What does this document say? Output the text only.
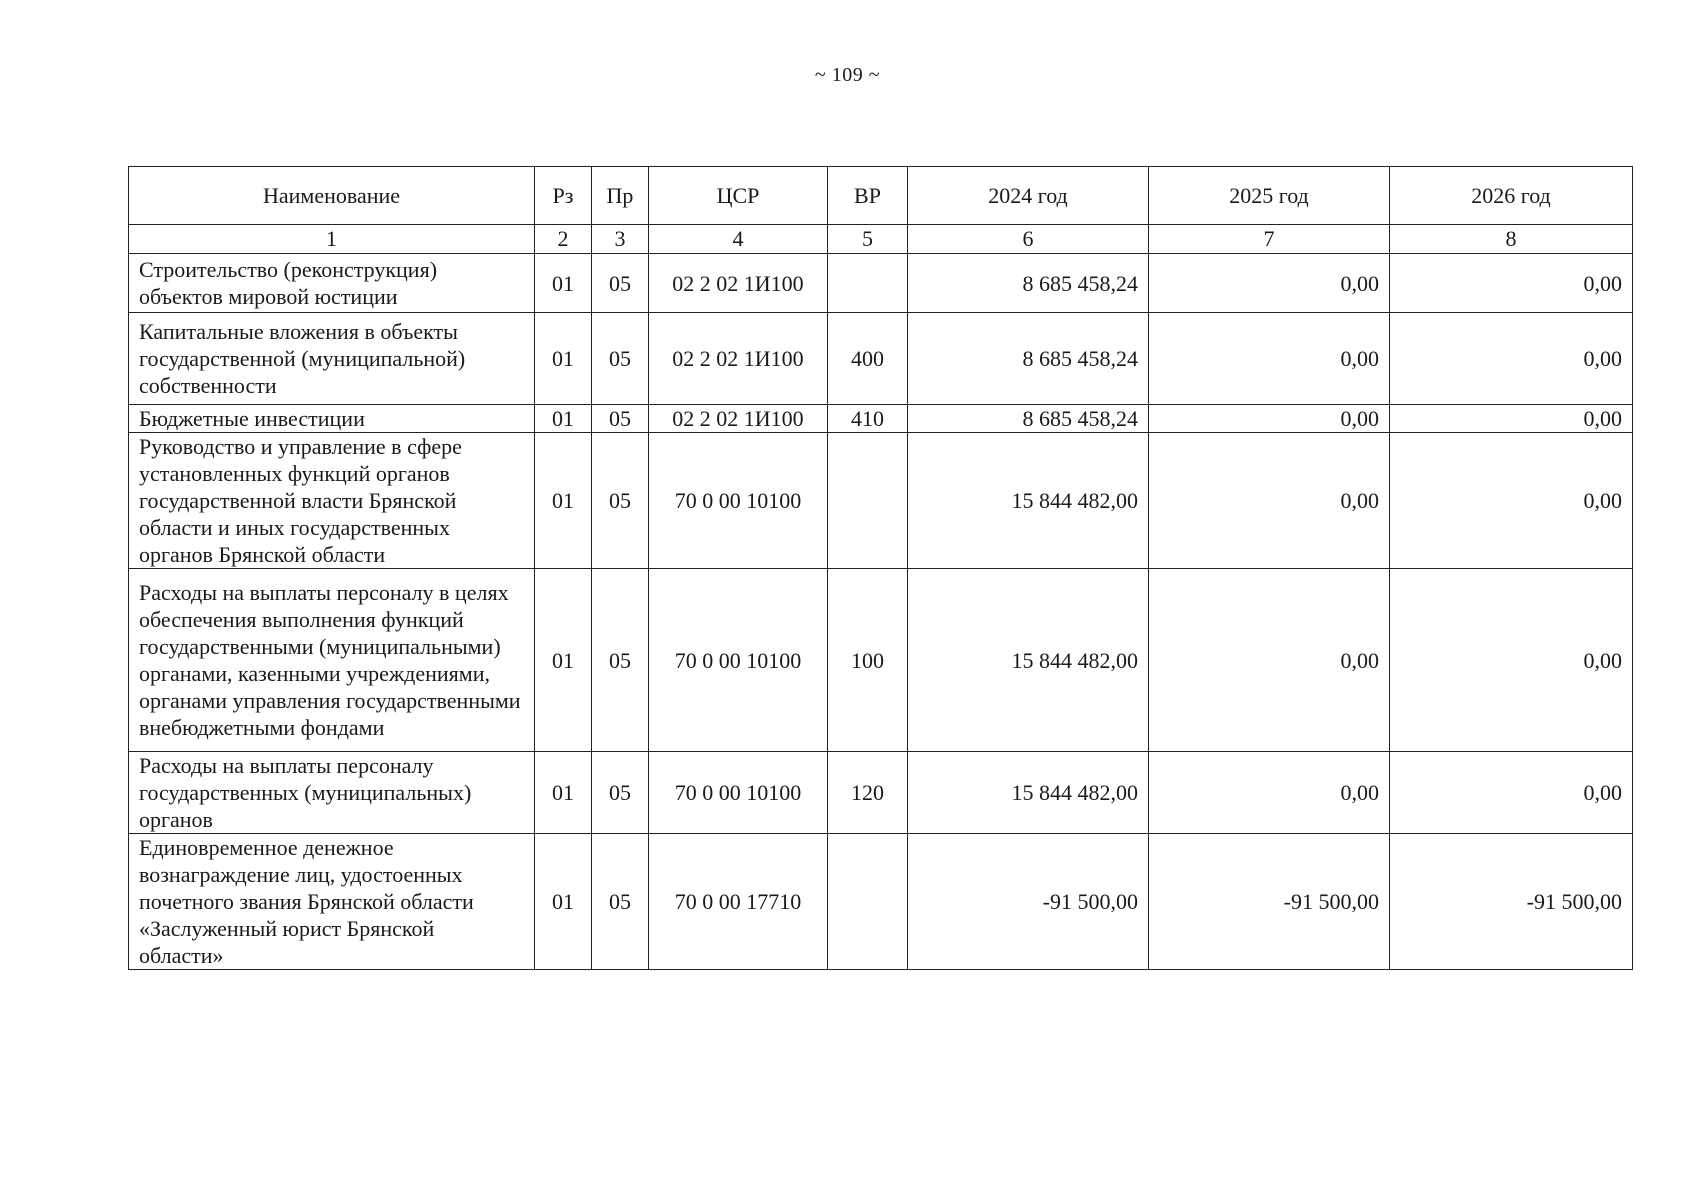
~ 109 ~
Наименование	Рз	Пр	ЦСР	ВР	2024 год	2025 год	2026 год
1	2	3	4	5	6	7	8
Строительство (реконструкция) объектов мировой юстиции	01	05	02 2 02 1И100		8 685 458,24	0,00	0,00
Капитальные вложения в объекты государственной (муниципальной) собственности	01	05	02 2 02 1И100	400	8 685 458,24	0,00	0,00
Бюджетные инвестиции	01	05	02 2 02 1И100	410	8 685 458,24	0,00	0,00
Руководство и управление в сфере установленных функций органов государственной власти Брянской области и иных государственных органов Брянской области	01	05	70 0 00 10100		15 844 482,00	0,00	0,00
Расходы на выплаты персоналу в целях обеспечения выполнения функций государственными (муниципальными) органами, казенными учреждениями, органами управления государственными внебюджетными фондами	01	05	70 0 00 10100	100	15 844 482,00	0,00	0,00
Расходы на выплаты персоналу государственных (муниципальных) органов	01	05	70 0 00 10100	120	15 844 482,00	0,00	0,00
Единовременное денежное вознаграждение лиц, удостоенных почетного звания Брянской области «Заслуженный юрист Брянской области»	01	05	70 0 00 17710		-91 500,00	-91 500,00	-91 500,00
